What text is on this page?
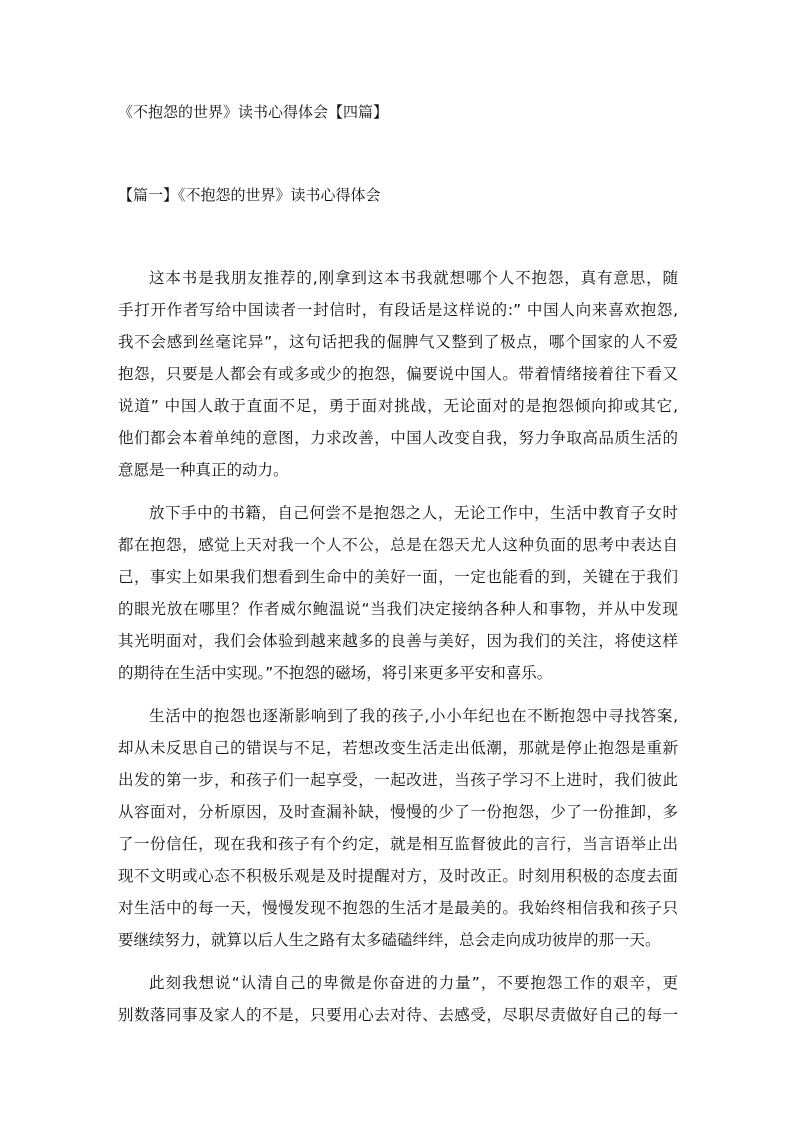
《不抱怨的世界》读书心得体会【四篇】
【篇一】《不抱怨的世界》读书心得体会

这本书是我朋友推荐的,刚拿到这本书我就想哪个人不抱怨，真有意思，随
手打开作者写给中国读者一封信时，有段话是这样说的:” 中国人向来喜欢抱怨,
我不会感到丝毫诧异”，这句话把我的倔脾气又整到了极点，哪个国家的人不爱
抱怨，只要是人都会有或多或少的抱怨，偏要说中国人。带着情绪接着往下看又
说道” 中国人敢于直面不足，勇于面对挑战，无论面对的是抱怨倾向抑或其它,
他们都会本着单纯的意图，力求改善，中国人改变自我，努力争取高品质生活的
意愿是一种真正的动力。

放下手中的书籍，自己何尝不是抱怨之人，无论工作中，生活中教育子女时
都在抱怨，感觉上天对我一个人不公，总是在怨天尤人这种负面的思考中表达自
己，事实上如果我们想看到生命中的美好一面，一定也能看的到，关键在于我们
的眼光放在哪里？作者威尔鲍温说“当我们决定接纳各种人和事物，并从中发现
其光明面对，我们会体验到越来越多的良善与美好，因为我们的关注，将使这样
的期待在生活中实现。”不抱怨的磁场，将引来更多平安和喜乐。

生活中的抱怨也逐渐影响到了我的孩子,小小年纪也在不断抱怨中寻找答案,
却从未反思自己的错误与不足，若想改变生活走出低潮，那就是停止抱怨是重新
出发的第一步，和孩子们一起享受，一起改进，当孩子学习不上进时，我们彼此
从容面对，分析原因，及时查漏补缺，慢慢的少了一份抱怨，少了一份推卸，多
了一份信任，现在我和孩子有个约定，就是相互监督彼此的言行，当言语举止出
现不文明或心态不积极乐观是及时提醒对方，及时改正。时刻用积极的态度去面
对生活中的每一天，慢慢发现不抱怨的生活才是最美的。我始终相信我和孩子只
要继续努力，就算以后人生之路有太多磕磕绊绊，总会走向成功彼岸的那一天。

此刻我想说“认清自己的卑微是你奋进的力量”，不要抱怨工作的艰辛，更
别数落同事及家人的不是，只要用心去对待、去感受，尽职尽责做好自己的每一
